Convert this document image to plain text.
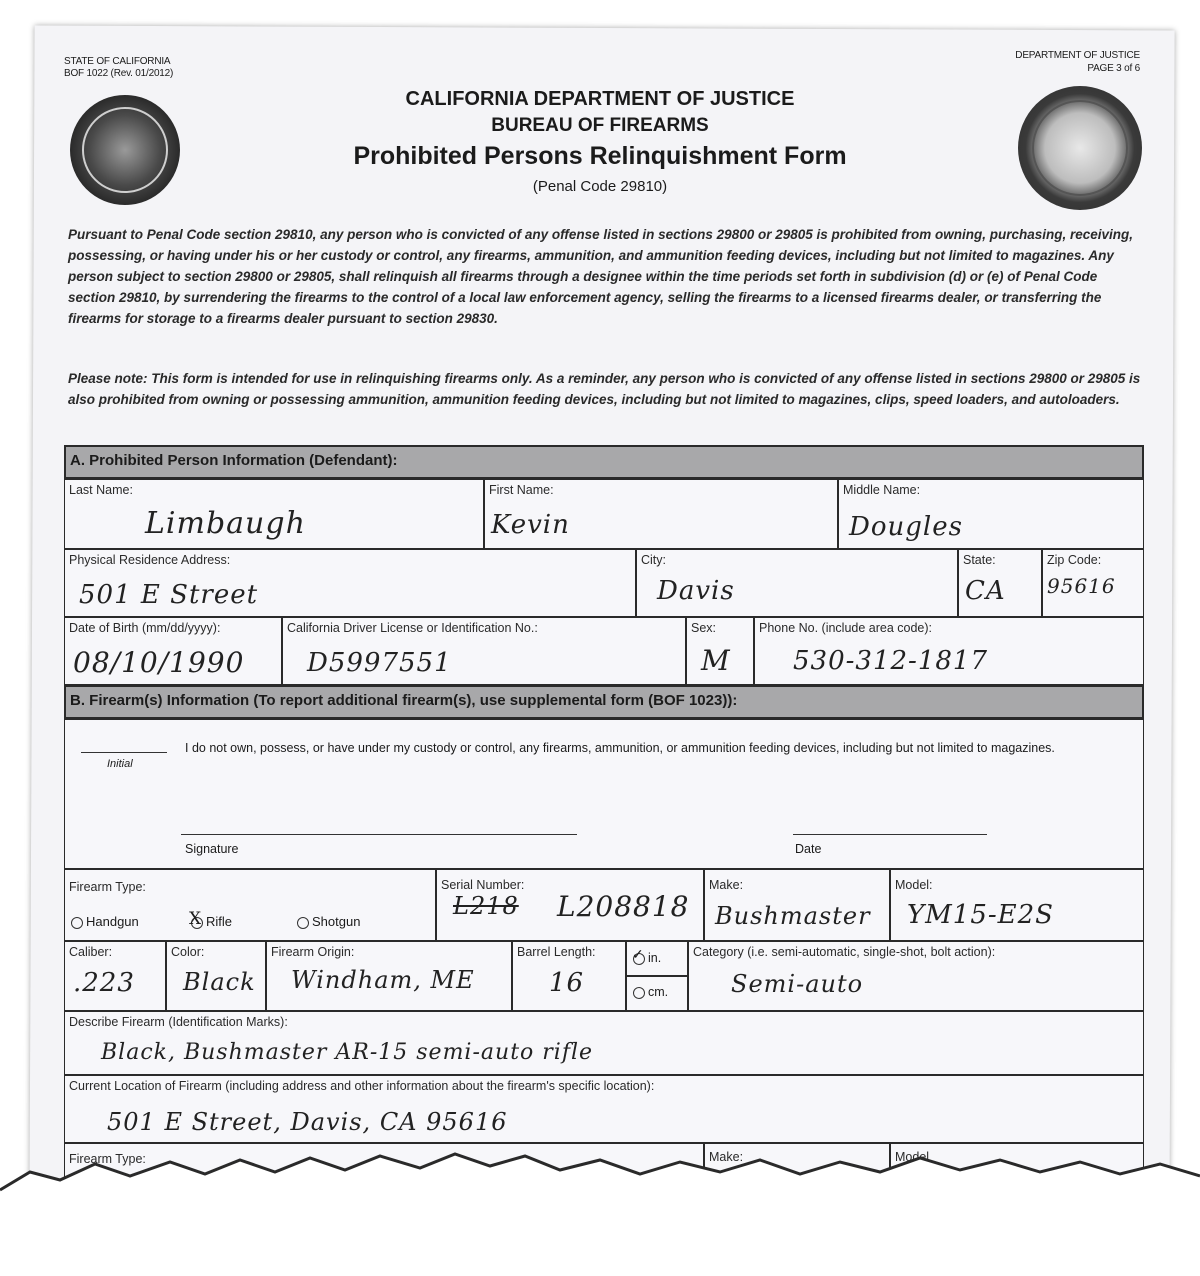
STATE OF CALIFORNIA
BOF 1022 (Rev. 01/2012)
DEPARTMENT OF JUSTICE
PAGE 3 of 6
CALIFORNIA DEPARTMENT OF JUSTICE
BUREAU OF FIREARMS
Prohibited Persons Relinquishment Form
(Penal Code 29810)
Pursuant to Penal Code section 29810, any person who is convicted of any offense listed in sections 29800 or 29805 is prohibited from owning, purchasing, receiving, possessing, or having under his or her custody or control, any firearms, ammunition, and ammunition feeding devices, including but not limited to magazines. Any person subject to section 29800 or 29805, shall relinquish all firearms through a designee within the time periods set forth in subdivision (d) or (e) of Penal Code section 29810, by surrendering the firearms to the control of a local law enforcement agency, selling the firearms to a licensed firearms dealer, or transferring the firearms for storage to a firearms dealer pursuant to section 29830.
Please note: This form is intended for use in relinquishing firearms only. As a reminder, any person who is convicted of any offense listed in sections 29800 or 29805 is also prohibited from owning or possessing ammunition, ammunition feeding devices, including but not limited to magazines, clips, speed loaders, and autoloaders.
A. Prohibited Person Information (Defendant):
Last Name:
Limbaugh
First Name:
Kevin
Middle Name:
Dougles
Physical Residence Address:
501 E Street
City:
Davis
State:
CA
Zip Code:
95616
Date of Birth (mm/dd/yyyy):
08/10/1990
California Driver License or Identification No.:
D5997551
Sex:
M
Phone No. (include area code):
530-312-1817
B. Firearm(s) Information (To report additional firearm(s), use supplemental form (BOF 1023)):
Initial
I do not own, possess, or have under my custody or control, any firearms, ammunition, or ammunition feeding devices, including but not limited to magazines.
Signature	Date
Firearm Type:
Handgun	X Rifle	Shotgun
Serial Number:
L218 L208818
Make:
Bushmaster
Model:
YM15-E2S
Caliber:
.223
Color:
Black
Firearm Origin:
Windham, ME
Barrel Length:
16
✓ in.
cm.
Category (i.e. semi-automatic, single-shot, bolt action):
Semi-auto
Describe Firearm (Identification Marks):
Black, Bushmaster AR-15 semi-auto rifle
Current Location of Firearm (including address and other information about the firearm's specific location):
501 E Street, Davis, CA 95616
Firearm Type:	Make:	Model
